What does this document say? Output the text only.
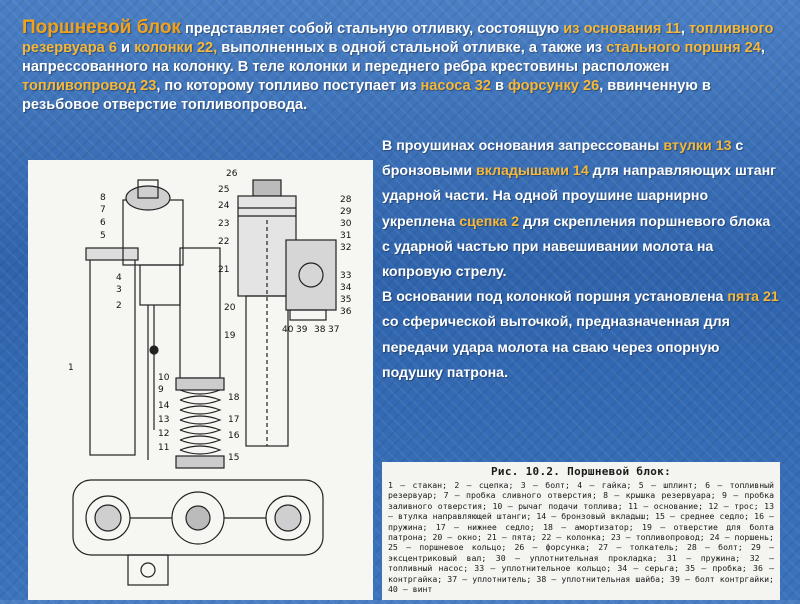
Поршневой блок представляет собой стальную отливку, состоящую из основания 11, топливного резервуара 6 и колонки 22, выполненных в одной стальной отливке, а также из стального поршня 24, напрессованного на колонку. В теле колонки и переднего ребра крестовины расположен топливопровод 23, по которому топливо поступает из насоса 32 в форсунку 26, ввинченную в резьбовое отверстие топливопровода.
В проушинах основания запрессованы втулки 13 с бронзовыми вкладышами 14 для направляющих штанг ударной части. На одной проушине шарнирно укреплена сцепка 2 для скрепления поршневого блока с ударной частью при навешивании молота на копровую стрелу.
В основании под колонкой поршня установлена пята 21 со сферической выточкой, предназначенная для передачи удара молота на сваю через опорную подушку патрона.
8
7
6
5
4
3
2
1
26
25
24
23
22
21
20
19
18
17
16
15
14
13
12
11
10
9
28
29
30
31
32
33
34
35
36
37
38
39
40
Рис. 10.2. Поршневой блок:
1 — стакан; 2 — сцепка; 3 — болт; 4 — гайка; 5 — шплинт; 6 — топливный резервуар; 7 — пробка сливного отверстия; 8 — крышка резервуара; 9 — пробка заливного отверстия; 10 — рычаг подачи топлива; 11 — основание; 12 — трос; 13 — втулка направляющей штанги; 14 — бронзовый вкладыш; 15 — среднее седло; 16 — пружина; 17 — нижнее седло; 18 — амортизатор; 19 — отверстие для болта патрона; 20 — окно; 21 — пята; 22 — колонка; 23 — топливопровод; 24 — поршень; 25 — поршневое кольцо; 26 — форсунка; 27 — толкатель; 28 — болт; 29 — эксцентриковый вал; 30 — уплотнительная прокладка; 31 — пружина; 32 — топливный насос; 33 — уплотнительное кольцо; 34 — серьга; 35 — пробка; 36 — контргайка; 37 — уплотнитель; 38 — уплотнительная шайба; 39 — болт контргайки; 40 — винт
